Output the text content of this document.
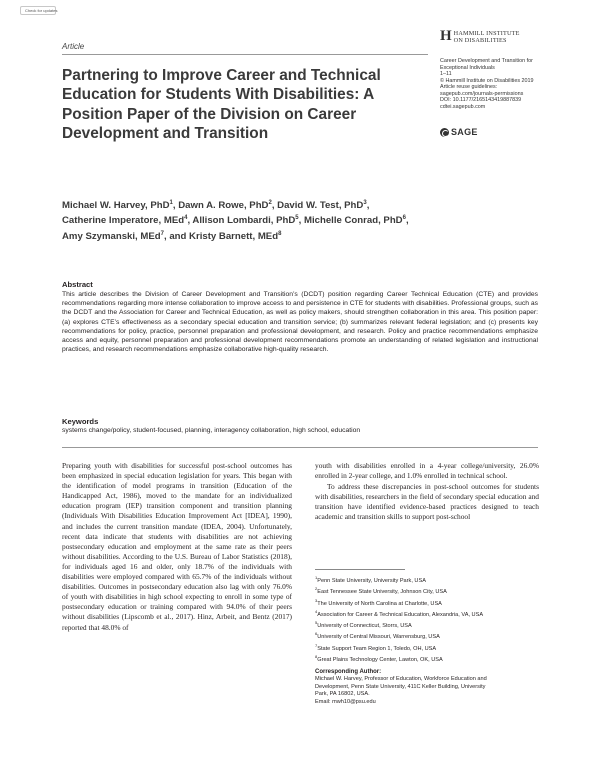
Check for updates
Article
H HAMMILL INSTITUTE
ON DISABILITIES
Career Development and Transition for
Exceptional Individuals
1–11
© Hammill Institute on Disabilities 2019
Article reuse guidelines:
sagepub.com/journals-permissions
DOI: 10.1177/2165143419887839
cdtei.sagepub.com
SAGE
Partnering to Improve Career and Technical Education for Students With Disabilities: A Position Paper of the Division on Career Development and Transition
Michael W. Harvey, PhD$^1$, Dawn A. Rowe, PhD$^2$, David W. Test, PhD$^3$,
Catherine Imperatore, MEd$^4$, Allison Lombardi, PhD$^5$, Michelle Conrad, PhD$^6$,
Amy Szymanski, MEd$^7$, and Kristy Barnett, MEd$^8$
Abstract

This article describes the Division of Career Development and Transition’s (DCDT) position regarding Career Technical Education (CTE) and provides recommendations regarding more intense collaboration to improve access to and persistence in CTE for students with disabilities. Professional groups, such as the DCDT and the Association for Career and Technical Education, as well as policy makers, should strengthen collaboration in this area. This position paper: (a) explores CTE’s effectiveness as a secondary special education and transition service; (b) summarizes relevant federal legislation; and (c) presents key recommendations for policy, practice, personnel preparation and professional development, and research. Policy and practice recommendations emphasize access and equity, personnel preparation and professional development recommendations promote an understanding of related legislation and instructional practices, and research recommendations emphasize collaborative high-quality research.

Keywords

systems change/policy, student-focused, planning, interagency collaboration, high school, education

Preparing youth with disabilities for successful post-school outcomes has been emphasized in special education legislation for years. This began with the identification of model programs in transition (Education of the Handicapped Act, 1986), moved to the mandate for an individualized education program (IEP) transition component and transition planning (Individuals With Disabilities Education Improvement Act [IDEA], 1990), and includes the current transition mandate (IDEA, 2004). Unfortunately, recent data indicate that students with disabilities are not achieving postsecondary education and employment at the same rate as their peers without disabilities. According to the U.S. Bureau of Labor Statistics (2018), for individuals aged 16 and older, only 18.7% of the individuals with disabilities were employed compared with 65.7% of the individuals without disabilities. Outcomes in postsecondary education also lag with only 76.0% of youth with disabilities in high school expecting to enroll in some type of postsecondary education or training compared with 94.0% of their peers without disabilities (Lipscomb et al., 2017). Hinz, Arbeit, and Bentz (2017) reported that 48.0% of

youth with disabilities enrolled in a 4-year college/university, 26.0% enrolled in 2-year college, and 1.0% enrolled in technical school.

To address these discrepancies in post-school outcomes for students with disabilities, researchers in the field of secondary special education and transition have identified evidence-based practices designed to teach academic and transition skills to support post-school

$^1$Penn State University, University Park, USA
$^2$East Tennessee State University, Johnson City, USA
$^3$The University of North Carolina at Charlotte, USA
$^4$Association for Career & Technical Education, Alexandria, VA, USA
$^5$University of Connecticut, Storrs, USA
$^6$University of Central Missouri, Warrensburg, USA
$^7$State Support Team Region 1, Toledo, OH, USA
$^8$Great Plains Technology Center, Lawton, OK, USA
Corresponding Author:
Michael W. Harvey, Professor of Education, Workforce Education and
Development, Penn State University, 411C Keller Building, University
Park, PA 16802, USA.
Email: mwh10@psu.edu
